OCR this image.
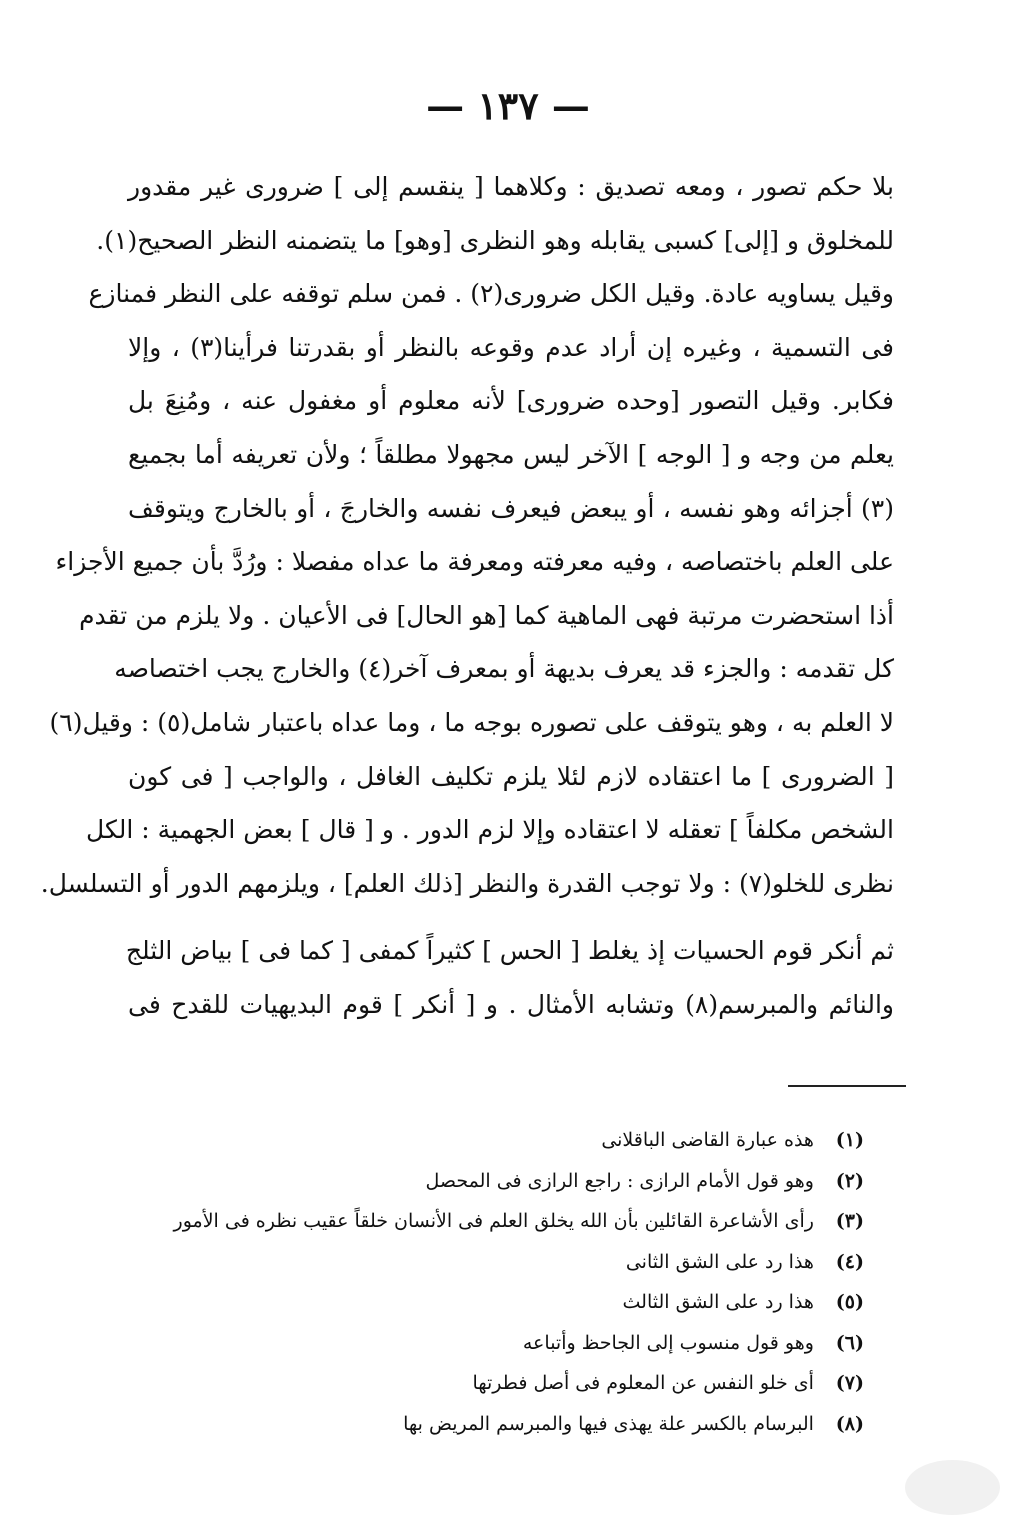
— ١٣٧ —
بلا حكم تصور ، ومعه تصديق : وكلاهما [ ينقسم إلى ] ضرورى غير مقدور
للمخلوق و [إلى] كسبى يقابله وهو النظرى [وهو] ما يتضمنه النظر الصحيح(١).
وقيل يساويه عادة. وقيل الكل ضرورى(٢) . فمن سلم توقفه على النظر فمنازع
فى التسمية ، وغيره إن أراد عدم وقوعه بالنظر أو بقدرتنا فرأينا(٣) ، وإلا
فكابر. وقيل التصور [وحده ضرورى] لأنه معلوم أو مغفول عنه ، ومُنِعَ بل
يعلم من وجه و [ الوجه ] الآخر ليس مجهولا مطلقاً ؛ ولأن تعريفه أما بجميع
(٣) أجزائه وهو نفسه ، أو يبعض فيعرف نفسه والخارجَ ، أو بالخارج ويتوقف
على العلم باختصاصه ، وفيه معرفته ومعرفة ما عداه مفصلا : ورُدَّ بأن جميع الأجزاء
أذا استحضرت مرتبة فهى الماهية كما [هو الحال] فى الأعيان . ولا يلزم من تقدم
كل تقدمه : والجزء قد يعرف بديهة أو بمعرف آخر(٤) والخارج يجب اختصاصه
لا العلم به ، وهو يتوقف على تصوره بوجه ما ، وما عداه باعتبار شامل(٥) : وقيل(٦)
[ الضرورى ] ما اعتقاده لازم لئلا يلزم تكليف الغافل ، والواجب [ فى كون
الشخص مكلفاً ] تعقله لا اعتقاده وإلا لزم الدور . و [ قال ] بعض الجهمية : الكل
نظرى للخلو(٧) : ولا توجب القدرة والنظر [ذلك العلم] ، ويلزمهم الدور أو التسلسل.
ثم أنكر قوم الحسيات إذ يغلط [ الحس ] كثيراً كمفى [ كما فى ] بياض الثلج
والنائم والمبرسم(٨) وتشابه الأمثال . و [ أنكر ] قوم البديهيات للقدح فى
(١) هذه عبارة القاضى الباقلانى
(٢) وهو قول الأمام الرازى : راجع الرازى فى المحصل
(٣) رأى الأشاعرة القائلين بأن الله يخلق العلم فى الأنسان خلقاً عقيب نظره فى الأمور
(٤) هذا رد على الشق الثانى
(٥) هذا رد على الشق الثالث
(٦) وهو قول منسوب إلى الجاحظ وأتباعه
(٧) أى خلو النفس عن المعلوم فى أصل فطرتها
(٨) البرسام بالكسر علة يهذى فيها والمبرسم المريض بها
